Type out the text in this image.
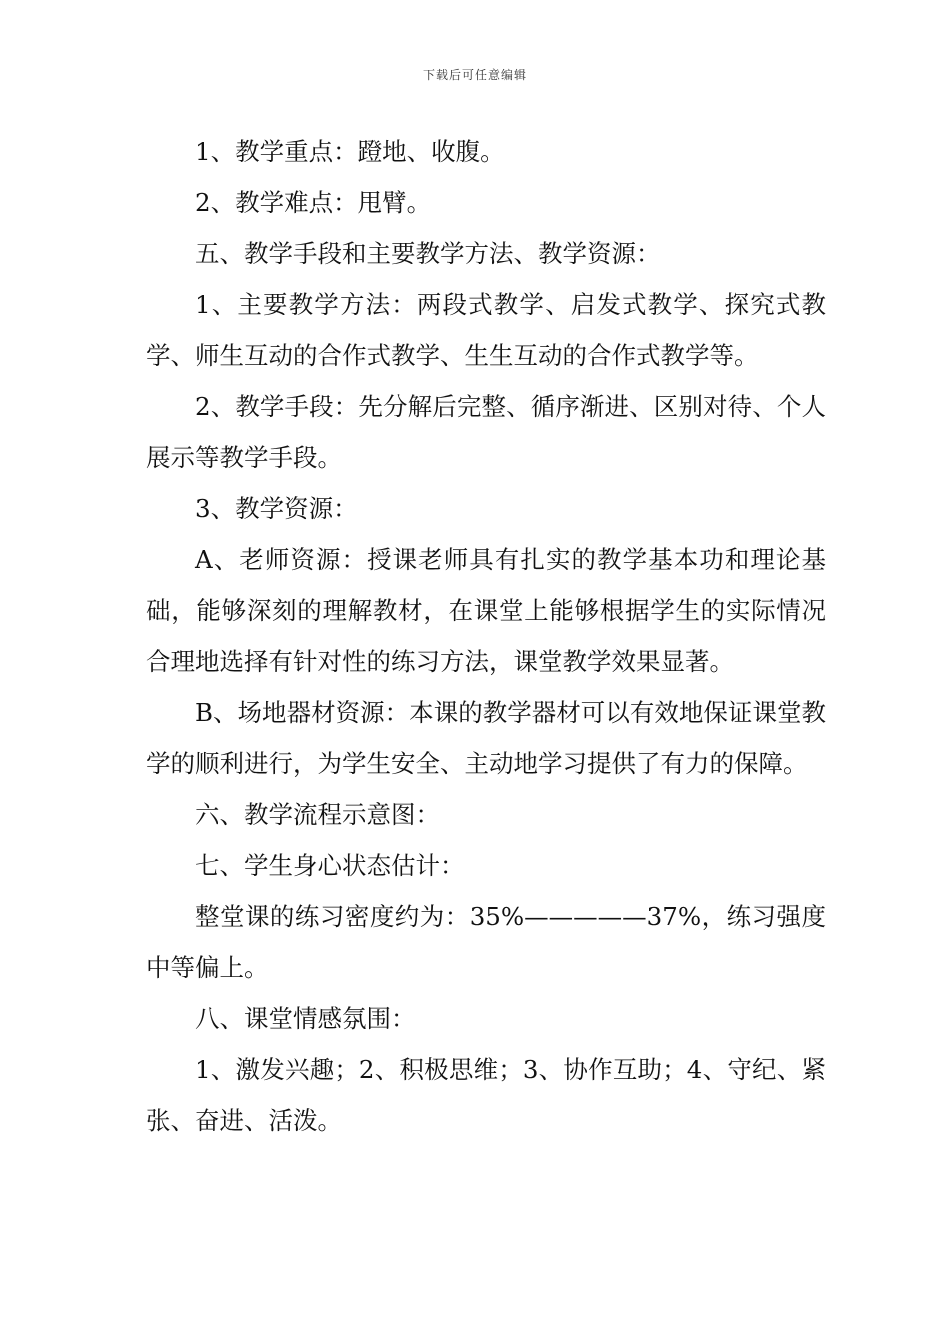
下载后可任意编辑

1、教学重点：蹬地、收腹。

2、教学难点：甩臂。

五、教学手段和主要教学方法、教学资源：

1、主要教学方法：两段式教学、启发式教学、探究式教学、师生互动的合作式教学、生生互动的合作式教学等。

2、教学手段：先分解后完整、循序渐进、区别对待、个人展示等教学手段。

3、教学资源：

A、老师资源：授课老师具有扎实的教学基本功和理论基础，能够深刻的理解教材，在课堂上能够根据学生的实际情况合理地选择有针对性的练习方法，课堂教学效果显著。

B、场地器材资源：本课的教学器材可以有效地保证课堂教学的顺利进行，为学生安全、主动地学习提供了有力的保障。

六、教学流程示意图：

七、学生身心状态估计：

整堂课的练习密度约为：35%—————37%，练习强度中等偏上。

八、课堂情感氛围：

1、激发兴趣；2、积极思维；3、协作互助；4、守纪、紧张、奋进、活泼。
